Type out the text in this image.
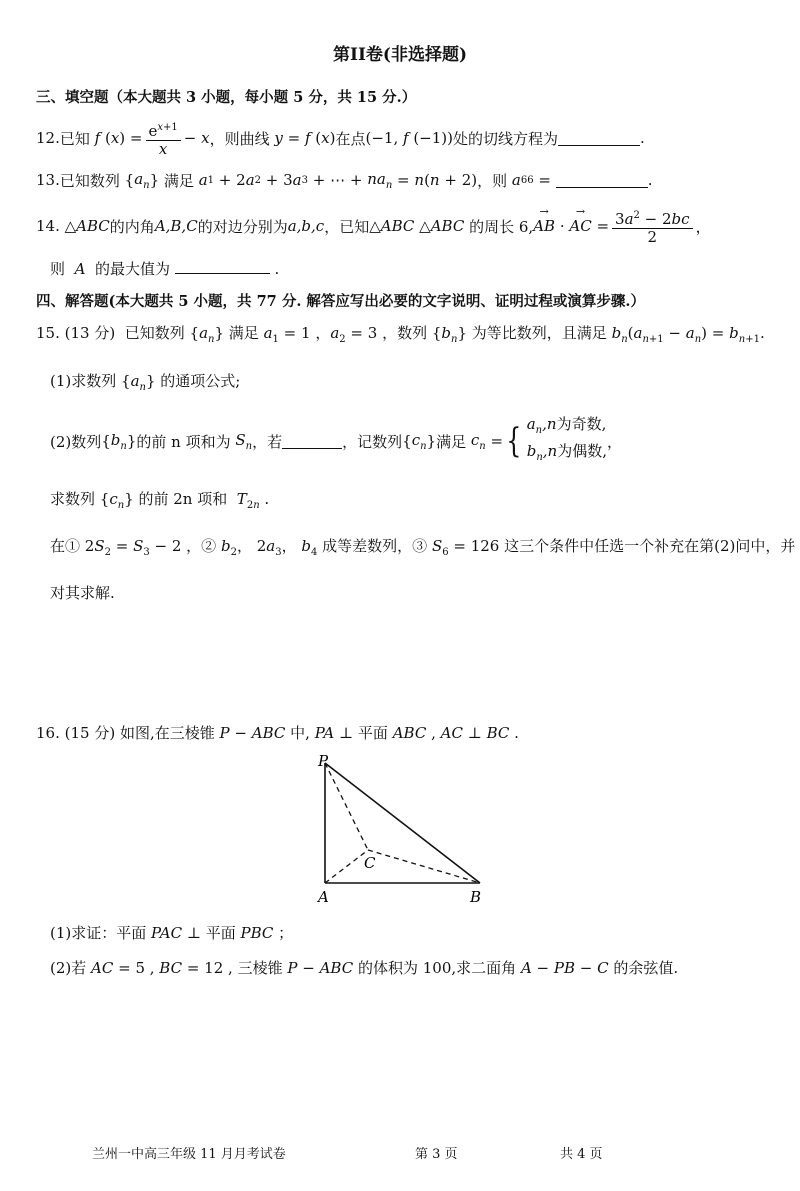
第II卷(非选择题)
三、填空题（本大题共 3 小题，每小题 5 分，共 15 分.）
12. 已知 f ( x ) = $\frac{e^{x+1}}{x} - x$ ，则曲线 y = f ( x ) 在点 (−1, f (−1)) 处的切线方程为	.
13. 已知数列 { $a_n$ } 满足
a 1 + 2 a 2 + 3 a 3 + ⋯ + $na_n = n$ ( n + 2) ，则
a 66 =	.
14. △ ABC 的内角 A,B,C 的对边分别为 a,b,c ，已知 △ ABC △ ABC
的周长 6, → AB · → AC = $\frac{3a^2 - 2bc}{2}$ ，
则  A  的最大值为	.
四、解答题(本大题共 5 小题，共 77 分. 解答应写出必要的文字说明、证明过程或演算步骤.）
15. (13 分) 已知数列 $\{a_n\}$ 满足 $a_1 = 1$ ，$a_2 = 3$ ，数列 $\{b_n\}$ 为等比数列，且满足 $b_n(a_{n+1} - a_n) = b_{n+1}$.
(1)求数列 $\{a_n\}$ 的通项公式;
(2)数列 { $b_n$ } 的前 n 项和为 $S_n$ ，若	，记数列 { $c_n$ } 满足 $c_n$ = { $a_n,n$为奇数,
$b_n,n$为偶数,
，
求数列 $\{c_n\}$ 的前 2n 项和  $T_{2n}$ .
在① $2S_2 = S_3 - 2$ ，② $b_2$， $2a_3$， $b_4$ 成等差数列，③ $S_6 = 126$ 这三个条件中任选一个补充在第(2)问中，并
对其求解.
16. (15 分) 如图,在三棱锥 P − ABC 中, PA ⊥ 平面 ABC , AC ⊥ BC .
P
A	B
C
(1)求证：平面 PAC ⊥ 平面 PBC ；
(2)若 AC = 5 , BC = 12 , 三棱锥 P − ABC 的体积为 100,求二面角 A − PB − C 的余弦值.
兰州一中高三年级 11 月月考试卷	第 3 页	共 4 页
